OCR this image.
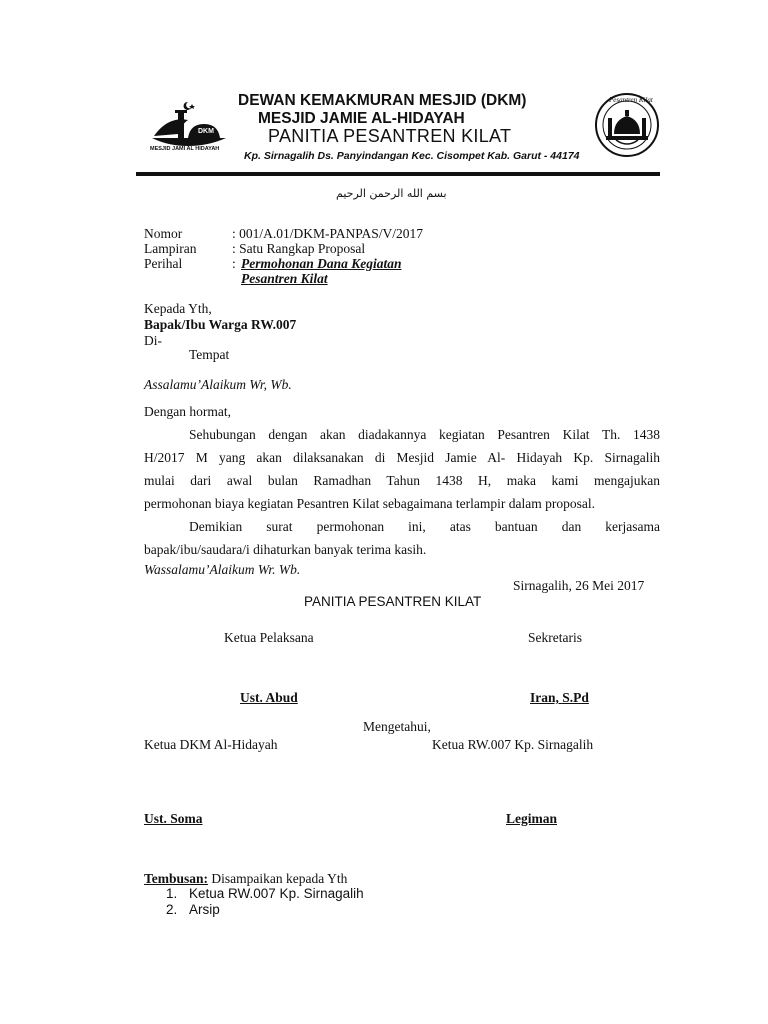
DKM
MESJID JAMI AL HIDAYAH
DEWAN KEMAKMURAN MESJID (DKM)
MESJID JAMIE AL-HIDAYAH
PANITIA PESANTREN KILAT
Kp. Sirnagalih Ds. Panyindangan Kec. Cisompet Kab. Garut - 44174
Pesantren Kilat
بسم الله الرحمن الرحيم
Nomor	: 001/A.01/DKM-PANPAS/V/2017
Lampiran	: Satu Rangkap Proposal
Perihal	: Permohonan Dana Kegiatan
Pesantren Kilat
Kepada Yth,
Bapak/Ibu Warga RW.007
Di-
Tempat
Assalamu’Alaikum Wr, Wb.
Dengan hormat,
Sehubungan dengan akan diadakannya kegiatan Pesantren Kilat Th. 1438
H/2017 M yang akan dilaksanakan di Mesjid Jamie Al- Hidayah Kp. Sirnagalih
mulai dari awal bulan Ramadhan Tahun 1438 H, maka kami mengajukan
permohonan biaya kegiatan Pesantren Kilat sebagaimana terlampir dalam proposal.
Demikian surat permohonan ini, atas bantuan dan kerjasama
bapak/ibu/saudara/i dihaturkan banyak terima kasih.
Wassalamu’Alaikum Wr. Wb.
Sirnagalih, 26 Mei 2017
PANITIA PESANTREN KILAT
Ketua Pelaksana	Sekretaris
Ust. Abud	Iran, S.Pd
Mengetahui,
Ketua DKM Al-Hidayah	Ketua RW.007 Kp. Sirnagalih
Ust. Soma	Legiman
Tembusan: Disampaikan kepada Yth
1. Ketua RW.007 Kp. Sirnagalih
2. Arsip
